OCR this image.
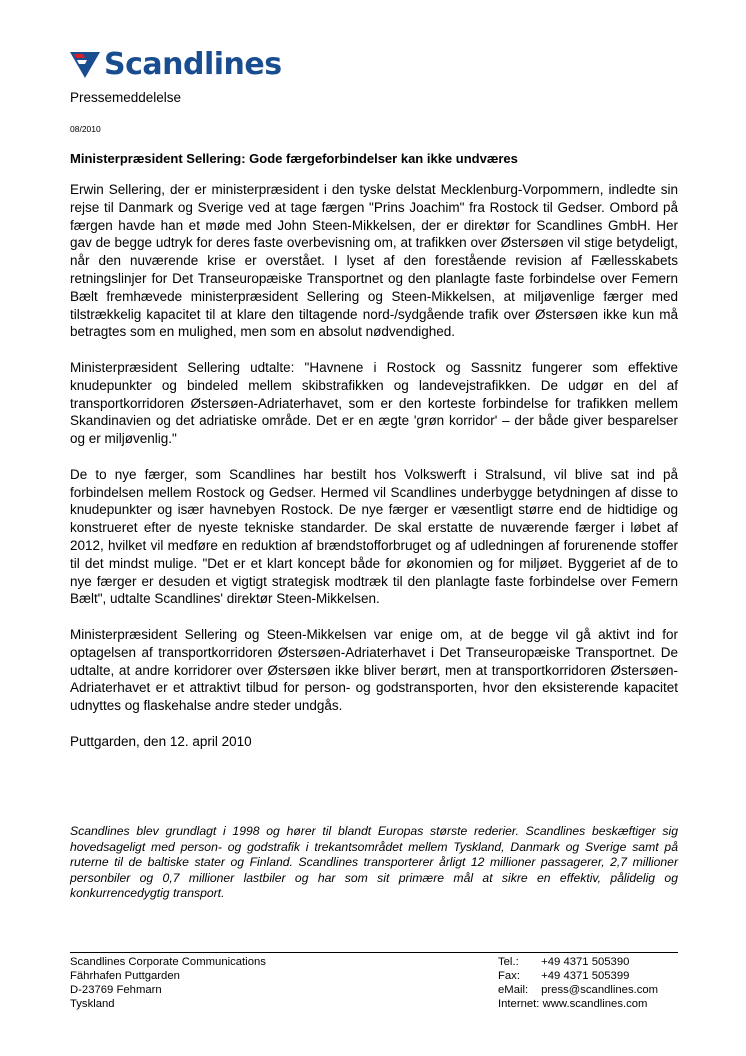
Scandlines
Pressemeddelelse
08/2010
Ministerpræsident Sellering: Gode færgeforbindelser kan ikke undværes

Erwin Sellering, der er ministerpræsident i den tyske delstat Mecklenburg-Vorpommern, indledte sin rejse til Danmark og Sverige ved at tage færgen "Prins Joachim" fra Rostock til Gedser. Ombord på færgen havde han et møde med John Steen-Mikkelsen, der er direktør for Scandlines GmbH. Her gav de begge udtryk for deres faste overbevisning om, at trafikken over Østersøen vil stige betydeligt, når den nuværende krise er overstået. I lyset af den forestående revision af Fællesskabets retningslinjer for Det Transeuropæiske Transportnet og den planlagte faste forbindelse over Femern Bælt fremhævede ministerpræsident Sellering og Steen-Mikkelsen, at miljøvenlige færger med tilstrækkelig kapacitet til at klare den tiltagende nord-/sydgående trafik over Østersøen ikke kun må betragtes som en mulighed, men som en absolut nødvendighed.

Ministerpræsident Sellering udtalte: "Havnene i Rostock og Sassnitz fungerer som effektive knudepunkter og bindeled mellem skibstrafikken og landevejstrafikken. De udgør en del af transportkorridoren Østersøen-Adriaterhavet, som er den korteste forbindelse for trafikken mellem Skandinavien og det adriatiske område. Det er en ægte 'grøn korridor' – der både giver besparelser og er miljøvenlig."

De to nye færger, som Scandlines har bestilt hos Volkswerft i Stralsund, vil blive sat ind på forbindelsen mellem Rostock og Gedser. Hermed vil Scandlines underbygge betydningen af disse to knudepunkter og især havnebyen Rostock. De nye færger er væsentligt større end de hidtidige og konstrueret efter de nyeste tekniske standarder. De skal erstatte de nuværende færger i løbet af 2012, hvilket vil medføre en reduktion af brændstofforbruget og af udledningen af forurenende stoffer til det mindst mulige. "Det er et klart koncept både for økonomien og for miljøet. Byggeriet af de to nye færger er desuden et vigtigt strategisk modtræk til den planlagte faste forbindelse over Femern Bælt", udtalte Scandlines' direktør Steen-Mikkelsen.

Ministerpræsident Sellering og Steen-Mikkelsen var enige om, at de begge vil gå aktivt ind for optagelsen af transportkorridoren Østersøen-Adriaterhavet i Det Transeuropæiske Transportnet. De udtalte, at andre korridorer over Østersøen ikke bliver berørt, men at transportkorridoren Østersøen-Adriaterhavet er et attraktivt tilbud for person- og godstransporten, hvor den eksisterende kapacitet udnyttes og flaskehalse andre steder undgås.

Puttgarden, den 12. april 2010

Scandlines blev grundlagt i 1998 og hører til blandt Europas største rederier. Scandlines beskæftiger sig hovedsageligt med person- og godstrafik i trekantsområdet mellem Tyskland, Danmark og Sverige samt på ruterne til de baltiske stater og Finland. Scandlines transporterer årligt 12 millioner passagerer, 2,7 millioner personbiler og 0,7 millioner lastbiler og har som sit primære mål at sikre en effektiv, pålidelig og konkurrencedygtig transport.
Scandlines Corporate Communications
Fährhafen Puttgarden
D-23769 Fehmarn
Tyskland
Tel.:
	+49 4371 505390
Fax:
	+49 4371 505399
eMail:
	press@scandlines.com
Internet:
www.scandlines.com
